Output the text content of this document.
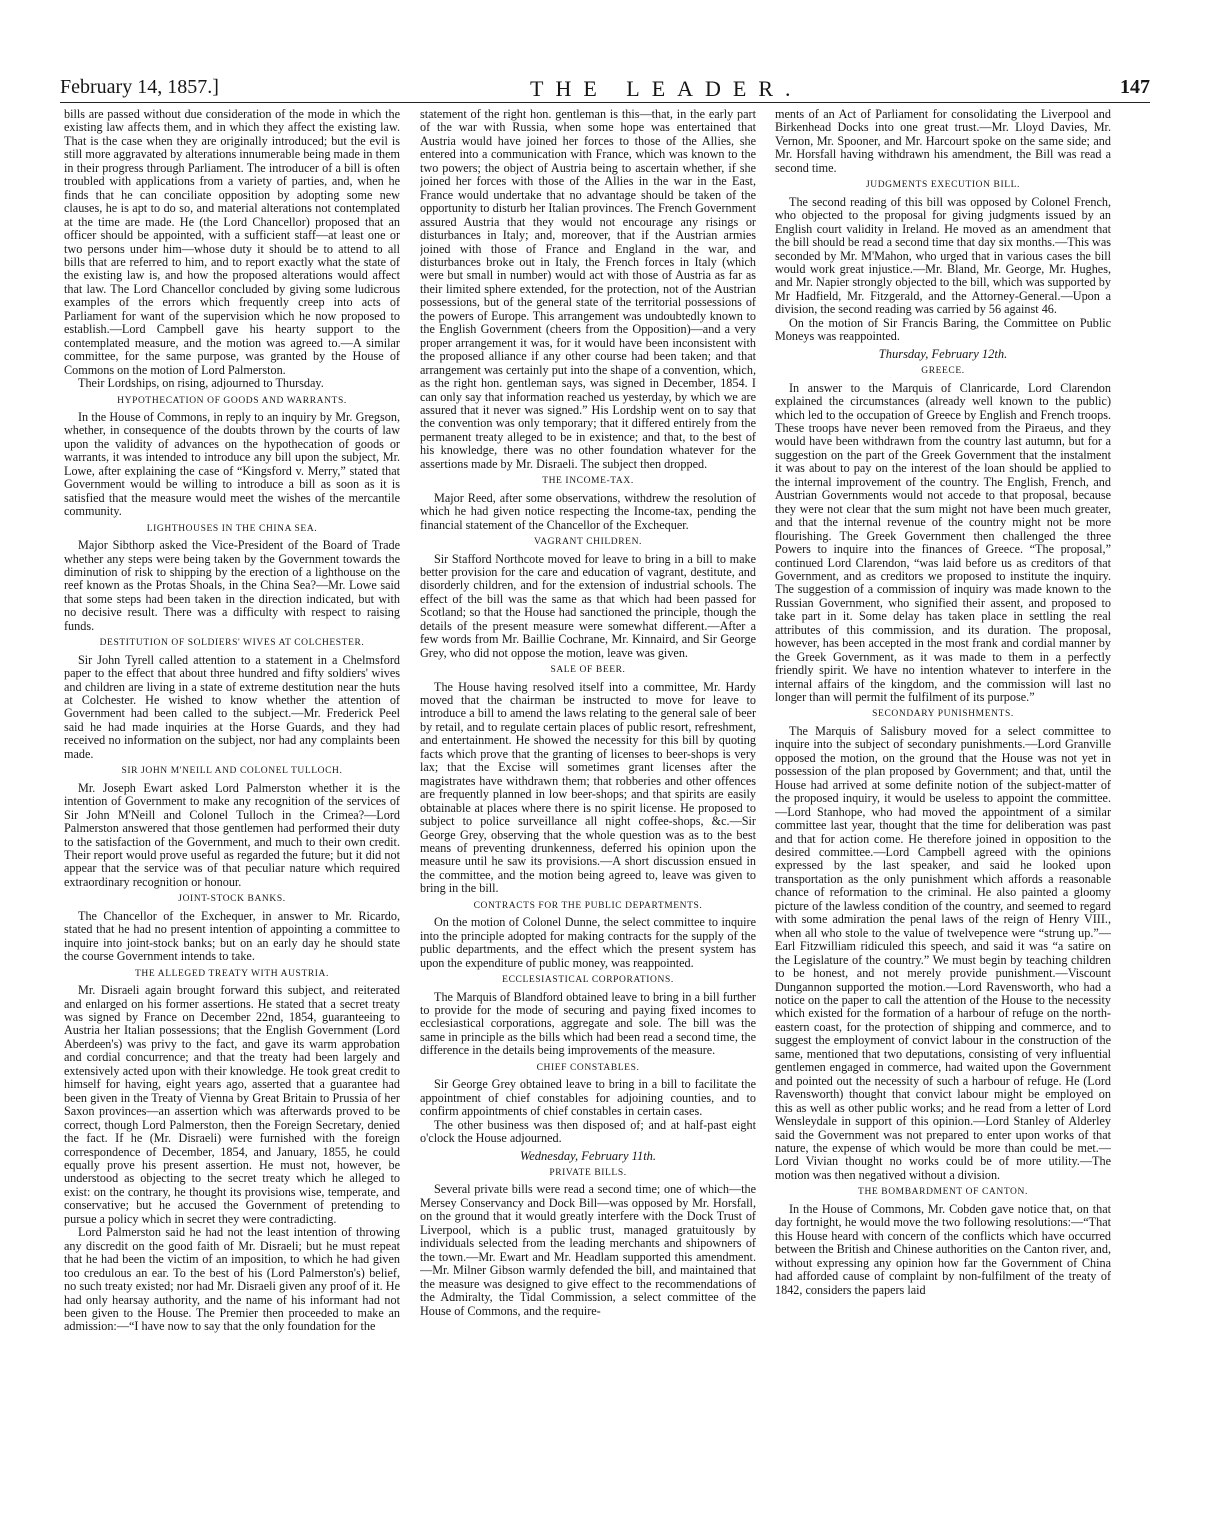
February 14, 1857.]	THE LEADER.	147

bills are passed without due consideration of the mode in which the existing law affects them, and in which they affect the existing law. That is the case when they are originally introduced; but the evil is still more aggravated by alterations innumerable being made in them in their progress through Parliament. The introducer of a bill is often troubled with applications from a variety of parties, and, when he finds that he can conciliate opposition by adopting some new clauses, he is apt to do so, and material alterations not contemplated at the time are made. He (the Lord Chancellor) proposed that an officer should be appointed, with a sufficient staff—at least one or two persons under him—whose duty it should be to attend to all bills that are referred to him, and to report exactly what the state of the existing law is, and how the proposed alterations would affect that law. The Lord Chancellor concluded by giving some ludicrous examples of the errors which frequently creep into acts of Parliament for want of the supervision which he now proposed to establish.—Lord Campbell gave his hearty support to the contemplated measure, and the motion was agreed to.—A similar committee, for the same purpose, was granted by the House of Commons on the motion of Lord Palmerston.

Their Lordships, on rising, adjourned to Thursday.

HYPOTHECATION OF GOODS AND WARRANTS.

In the House of Commons, in reply to an inquiry by Mr. Gregson, whether, in consequence of the doubts thrown by the courts of law upon the validity of advances on the hypothecation of goods or warrants, it was intended to introduce any bill upon the subject, Mr. Lowe, after explaining the case of “Kingsford v. Merry,” stated that Government would be willing to introduce a bill as soon as it is satisfied that the measure would meet the wishes of the mercantile community.

LIGHTHOUSES IN THE CHINA SEA.

Major Sibthorp asked the Vice-President of the Board of Trade whether any steps were being taken by the Government towards the diminution of risk to shipping by the erection of a lighthouse on the reef known as the Protas Shoals, in the China Sea?—Mr. Lowe said that some steps had been taken in the direction indicated, but with no decisive result. There was a difficulty with respect to raising funds.

DESTITUTION OF SOLDIERS' WIVES AT COLCHESTER.

Sir John Tyrell called attention to a statement in a Chelmsford paper to the effect that about three hundred and fifty soldiers' wives and children are living in a state of extreme destitution near the huts at Colchester. He wished to know whether the attention of Government had been called to the subject.—Mr. Frederick Peel said he had made inquiries at the Horse Guards, and they had received no information on the subject, nor had any complaints been made.

SIR JOHN M'NEILL AND COLONEL TULLOCH.

Mr. Joseph Ewart asked Lord Palmerston whether it is the intention of Government to make any recognition of the services of Sir John M'Neill and Colonel Tulloch in the Crimea?—Lord Palmerston answered that those gentlemen had performed their duty to the satisfaction of the Government, and much to their own credit. Their report would prove useful as regarded the future; but it did not appear that the service was of that peculiar nature which required extraordinary recognition or honour.

JOINT-STOCK BANKS.

The Chancellor of the Exchequer, in answer to Mr. Ricardo, stated that he had no present intention of appointing a committee to inquire into joint-stock banks; but on an early day he should state the course Government intends to take.

THE ALLEGED TREATY WITH AUSTRIA.

Mr. Disraeli again brought forward this subject, and reiterated and enlarged on his former assertions. He stated that a secret treaty was signed by France on December 22nd, 1854, guaranteeing to Austria her Italian possessions; that the English Government (Lord Aberdeen's) was privy to the fact, and gave its warm approbation and cordial concurrence; and that the treaty had been largely and extensively acted upon with their knowledge. He took great credit to himself for having, eight years ago, asserted that a guarantee had been given in the Treaty of Vienna by Great Britain to Prussia of her Saxon provinces—an assertion which was afterwards proved to be correct, though Lord Palmerston, then the Foreign Secretary, denied the fact. If he (Mr. Disraeli) were furnished with the foreign correspondence of December, 1854, and January, 1855, he could equally prove his present assertion. He must not, however, be understood as objecting to the secret treaty which he alleged to exist: on the contrary, he thought its provisions wise, temperate, and conservative; but he accused the Government of pretending to pursue a policy which in secret they were contradicting.

Lord Palmerston said he had not the least intention of throwing any discredit on the good faith of Mr. Disraeli; but he must repeat that he had been the victim of an imposition, to which he had given too credulous an ear. To the best of his (Lord Palmerston's) belief, no such treaty existed; nor had Mr. Disraeli given any proof of it. He had only hearsay authority, and the name of his informant had not been given to the House. The Premier then proceeded to make an admission:—“I have now to say that the only foundation for the

statement of the right hon. gentleman is this—that, in the early part of the war with Russia, when some hope was entertained that Austria would have joined her forces to those of the Allies, she entered into a communication with France, which was known to the two powers; the object of Austria being to ascertain whether, if she joined her forces with those of the Allies in the war in the East, France would undertake that no advantage should be taken of the opportunity to disturb her Italian provinces. The French Government assured Austria that they would not encourage any risings or disturbances in Italy; and, moreover, that if the Austrian armies joined with those of France and England in the war, and disturbances broke out in Italy, the French forces in Italy (which were but small in number) would act with those of Austria as far as their limited sphere extended, for the protection, not of the Austrian possessions, but of the general state of the territorial possessions of the powers of Europe. This arrangement was undoubtedly known to the English Government (cheers from the Opposition)—and a very proper arrangement it was, for it would have been inconsistent with the proposed alliance if any other course had been taken; and that arrangement was certainly put into the shape of a convention, which, as the right hon. gentleman says, was signed in December, 1854. I can only say that information reached us yesterday, by which we are assured that it never was signed.” His Lordship went on to say that the convention was only temporary; that it differed entirely from the permanent treaty alleged to be in existence; and that, to the best of his knowledge, there was no other foundation whatever for the assertions made by Mr. Disraeli. The subject then dropped.

THE INCOME-TAX.

Major Reed, after some observations, withdrew the resolution of which he had given notice respecting the Income-tax, pending the financial statement of the Chancellor of the Exchequer.

VAGRANT CHILDREN.

Sir Stafford Northcote moved for leave to bring in a bill to make better provision for the care and education of vagrant, destitute, and disorderly children, and for the extension of industrial schools. The effect of the bill was the same as that which had been passed for Scotland; so that the House had sanctioned the principle, though the details of the present measure were somewhat different.—After a few words from Mr. Baillie Cochrane, Mr. Kinnaird, and Sir George Grey, who did not oppose the motion, leave was given.

SALE OF BEER.

The House having resolved itself into a committee, Mr. Hardy moved that the chairman be instructed to move for leave to introduce a bill to amend the laws relating to the general sale of beer by retail, and to regulate certain places of public resort, refreshment, and entertainment. He showed the necessity for this bill by quoting facts which prove that the granting of licenses to beer-shops is very lax; that the Excise will sometimes grant licenses after the magistrates have withdrawn them; that robberies and other offences are frequently planned in low beer-shops; and that spirits are easily obtainable at places where there is no spirit license. He proposed to subject to police surveillance all night coffee-shops, &c.—Sir George Grey, observing that the whole question was as to the best means of preventing drunkenness, deferred his opinion upon the measure until he saw its provisions.—A short discussion ensued in the committee, and the motion being agreed to, leave was given to bring in the bill.

CONTRACTS FOR THE PUBLIC DEPARTMENTS.

On the motion of Colonel Dunne, the select committee to inquire into the principle adopted for making contracts for the supply of the public departments, and the effect which the present system has upon the expenditure of public money, was reappointed.

ECCLESIASTICAL CORPORATIONS.

The Marquis of Blandford obtained leave to bring in a bill further to provide for the mode of securing and paying fixed incomes to ecclesiastical corporations, aggregate and sole. The bill was the same in principle as the bills which had been read a second time, the difference in the details being improvements of the measure.

CHIEF CONSTABLES.

Sir George Grey obtained leave to bring in a bill to facilitate the appointment of chief constables for adjoining counties, and to confirm appointments of chief constables in certain cases.

The other business was then disposed of; and at half-past eight o'clock the House adjourned.

Wednesday, February 11th.
PRIVATE BILLS.

Several private bills were read a second time; one of which—the Mersey Conservancy and Dock Bill—was opposed by Mr. Horsfall, on the ground that it would greatly interfere with the Dock Trust of Liverpool, which is a public trust, managed gratuitously by individuals selected from the leading merchants and shipowners of the town.—Mr. Ewart and Mr. Headlam supported this amendment.—Mr. Milner Gibson warmly defended the bill, and maintained that the measure was designed to give effect to the recommendations of the Admiralty, the Tidal Commission, a select committee of the House of Commons, and the require-

ments of an Act of Parliament for consolidating the Liverpool and Birkenhead Docks into one great trust.—Mr. Lloyd Davies, Mr. Vernon, Mr. Spooner, and Mr. Harcourt spoke on the same side; and Mr. Horsfall having withdrawn his amendment, the Bill was read a second time.

JUDGMENTS EXECUTION BILL.

The second reading of this bill was opposed by Colonel French, who objected to the proposal for giving judgments issued by an English court validity in Ireland. He moved as an amendment that the bill should be read a second time that day six months.—This was seconded by Mr. M'Mahon, who urged that in various cases the bill would work great injustice.—Mr. Bland, Mr. George, Mr. Hughes, and Mr. Napier strongly objected to the bill, which was supported by Mr Hadfield, Mr. Fitzgerald, and the Attorney-General.—Upon a division, the second reading was carried by 56 against 46.

On the motion of Sir Francis Baring, the Committee on Public Moneys was reappointed.

Thursday, February 12th.
GREECE.

In answer to the Marquis of Clanricarde, Lord Clarendon explained the circumstances (already well known to the public) which led to the occupation of Greece by English and French troops. These troops have never been removed from the Piraeus, and they would have been withdrawn from the country last autumn, but for a suggestion on the part of the Greek Government that the instalment it was about to pay on the interest of the loan should be applied to the internal improvement of the country. The English, French, and Austrian Governments would not accede to that proposal, because they were not clear that the sum might not have been much greater, and that the internal revenue of the country might not be more flourishing. The Greek Government then challenged the three Powers to inquire into the finances of Greece. “The proposal,” continued Lord Clarendon, “was laid before us as creditors of that Government, and as creditors we proposed to institute the inquiry. The suggestion of a commission of inquiry was made known to the Russian Government, who signified their assent, and proposed to take part in it. Some delay has taken place in settling the real attributes of this commission, and its duration. The proposal, however, has been accepted in the most frank and cordial manner by the Greek Government, as it was made to them in a perfectly friendly spirit. We have no intention whatever to interfere in the internal affairs of the kingdom, and the commission will last no longer than will permit the fulfilment of its purpose.”

SECONDARY PUNISHMENTS.

The Marquis of Salisbury moved for a select committee to inquire into the subject of secondary punishments.—Lord Granville opposed the motion, on the ground that the House was not yet in possession of the plan proposed by Government; and that, until the House had arrived at some definite notion of the subject-matter of the proposed inquiry, it would be useless to appoint the committee.—Lord Stanhope, who had moved the appointment of a similar committee last year, thought that the time for deliberation was past and that for action come. He therefore joined in opposition to the desired committee.—Lord Campbell agreed with the opinions expressed by the last speaker, and said he looked upon transportation as the only punishment which affords a reasonable chance of reformation to the criminal. He also painted a gloomy picture of the lawless condition of the country, and seemed to regard with some admiration the penal laws of the reign of Henry VIII., when all who stole to the value of twelvepence were “strung up.”—Earl Fitzwilliam ridiculed this speech, and said it was “a satire on the Legislature of the country.” We must begin by teaching children to be honest, and not merely provide punishment.—Viscount Dungannon supported the motion.—Lord Ravensworth, who had a notice on the paper to call the attention of the House to the necessity which existed for the formation of a harbour of refuge on the north-eastern coast, for the protection of shipping and commerce, and to suggest the employment of convict labour in the construction of the same, mentioned that two deputations, consisting of very influential gentlemen engaged in commerce, had waited upon the Government and pointed out the necessity of such a harbour of refuge. He (Lord Ravensworth) thought that convict labour might be employed on this as well as other public works; and he read from a letter of Lord Wensleydale in support of this opinion.—Lord Stanley of Alderley said the Government was not prepared to enter upon works of that nature, the expense of which would be more than could be met.—Lord Vivian thought no works could be of more utility.—The motion was then negatived without a division.

THE BOMBARDMENT OF CANTON.

In the House of Commons, Mr. Cobden gave notice that, on that day fortnight, he would move the two following resolutions:—“That this House heard with concern of the conflicts which have occurred between the British and Chinese authorities on the Canton river, and, without expressing any opinion how far the Government of China had afforded cause of complaint by non-fulfilment of the treaty of 1842, considers the papers laid
